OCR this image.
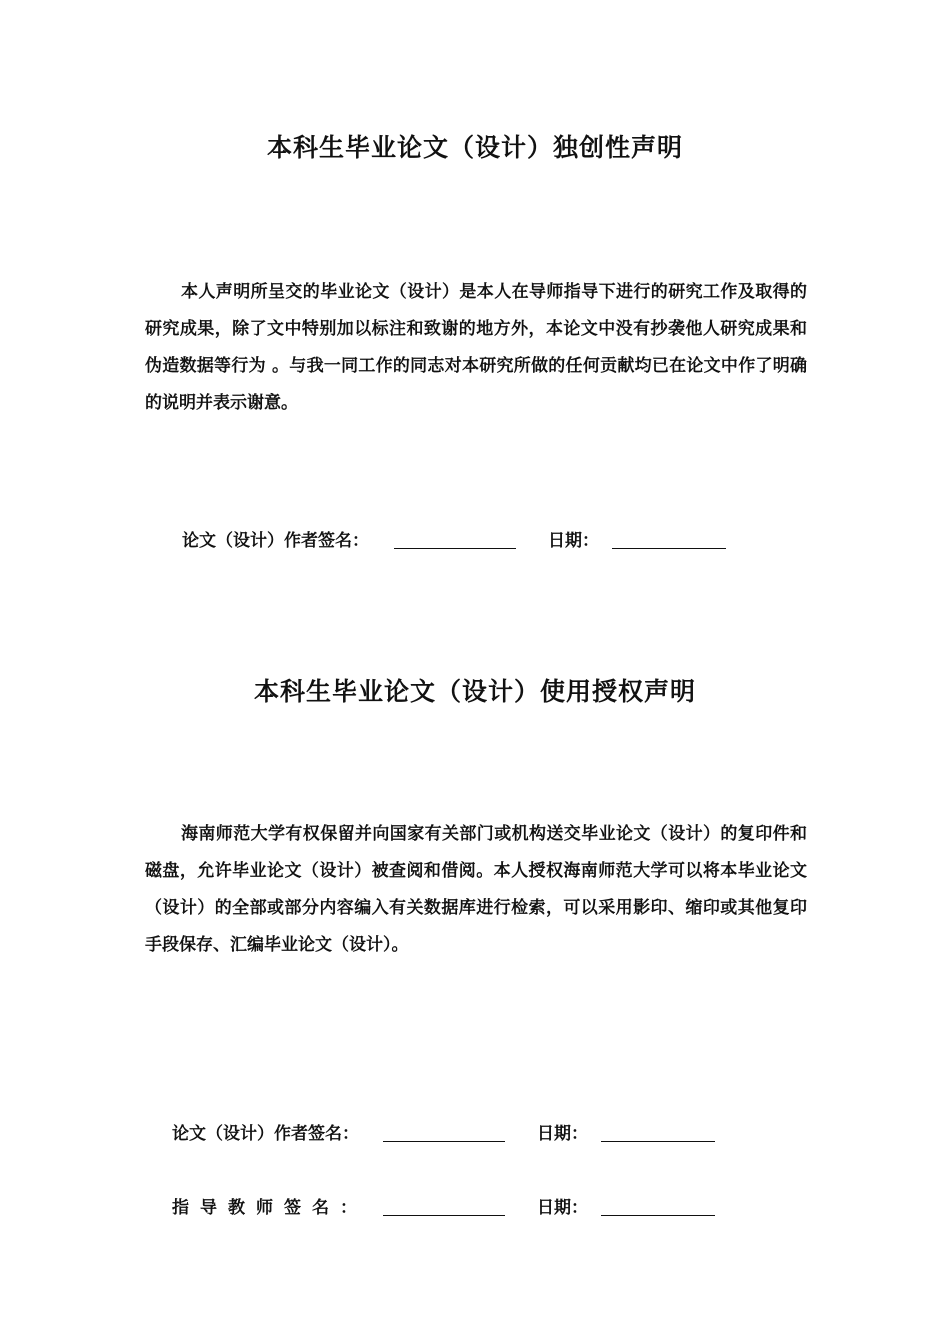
本科生毕业论文（设计）独创性声明

本人声明所呈交的毕业论文（设计）是本人在导师指导下进行的研究工作及取得的研究成果，除了文中特别加以标注和致谢的地方外，本论文中没有抄袭他人研究成果和伪造数据等行为 。与我一同工作的同志对本研究所做的任何贡献均已在论文中作了明确的说明并表示谢意。

论文（设计）作者签名：	日期：
本科生毕业论文（设计）使用授权声明

海南师范大学有权保留并向国家有关部门或机构送交毕业论文（设计）的复印件和磁盘，允许毕业论文（设计）被查阅和借阅。本人授权海南师范大学可以将本毕业论文（设计）的全部或部分内容编入有关数据库进行检索，可以采用影印、缩印或其他复印手段保存、汇编毕业论文（设计）。

论文（设计）作者签名：	日期：
指导教师签名：	日期：
